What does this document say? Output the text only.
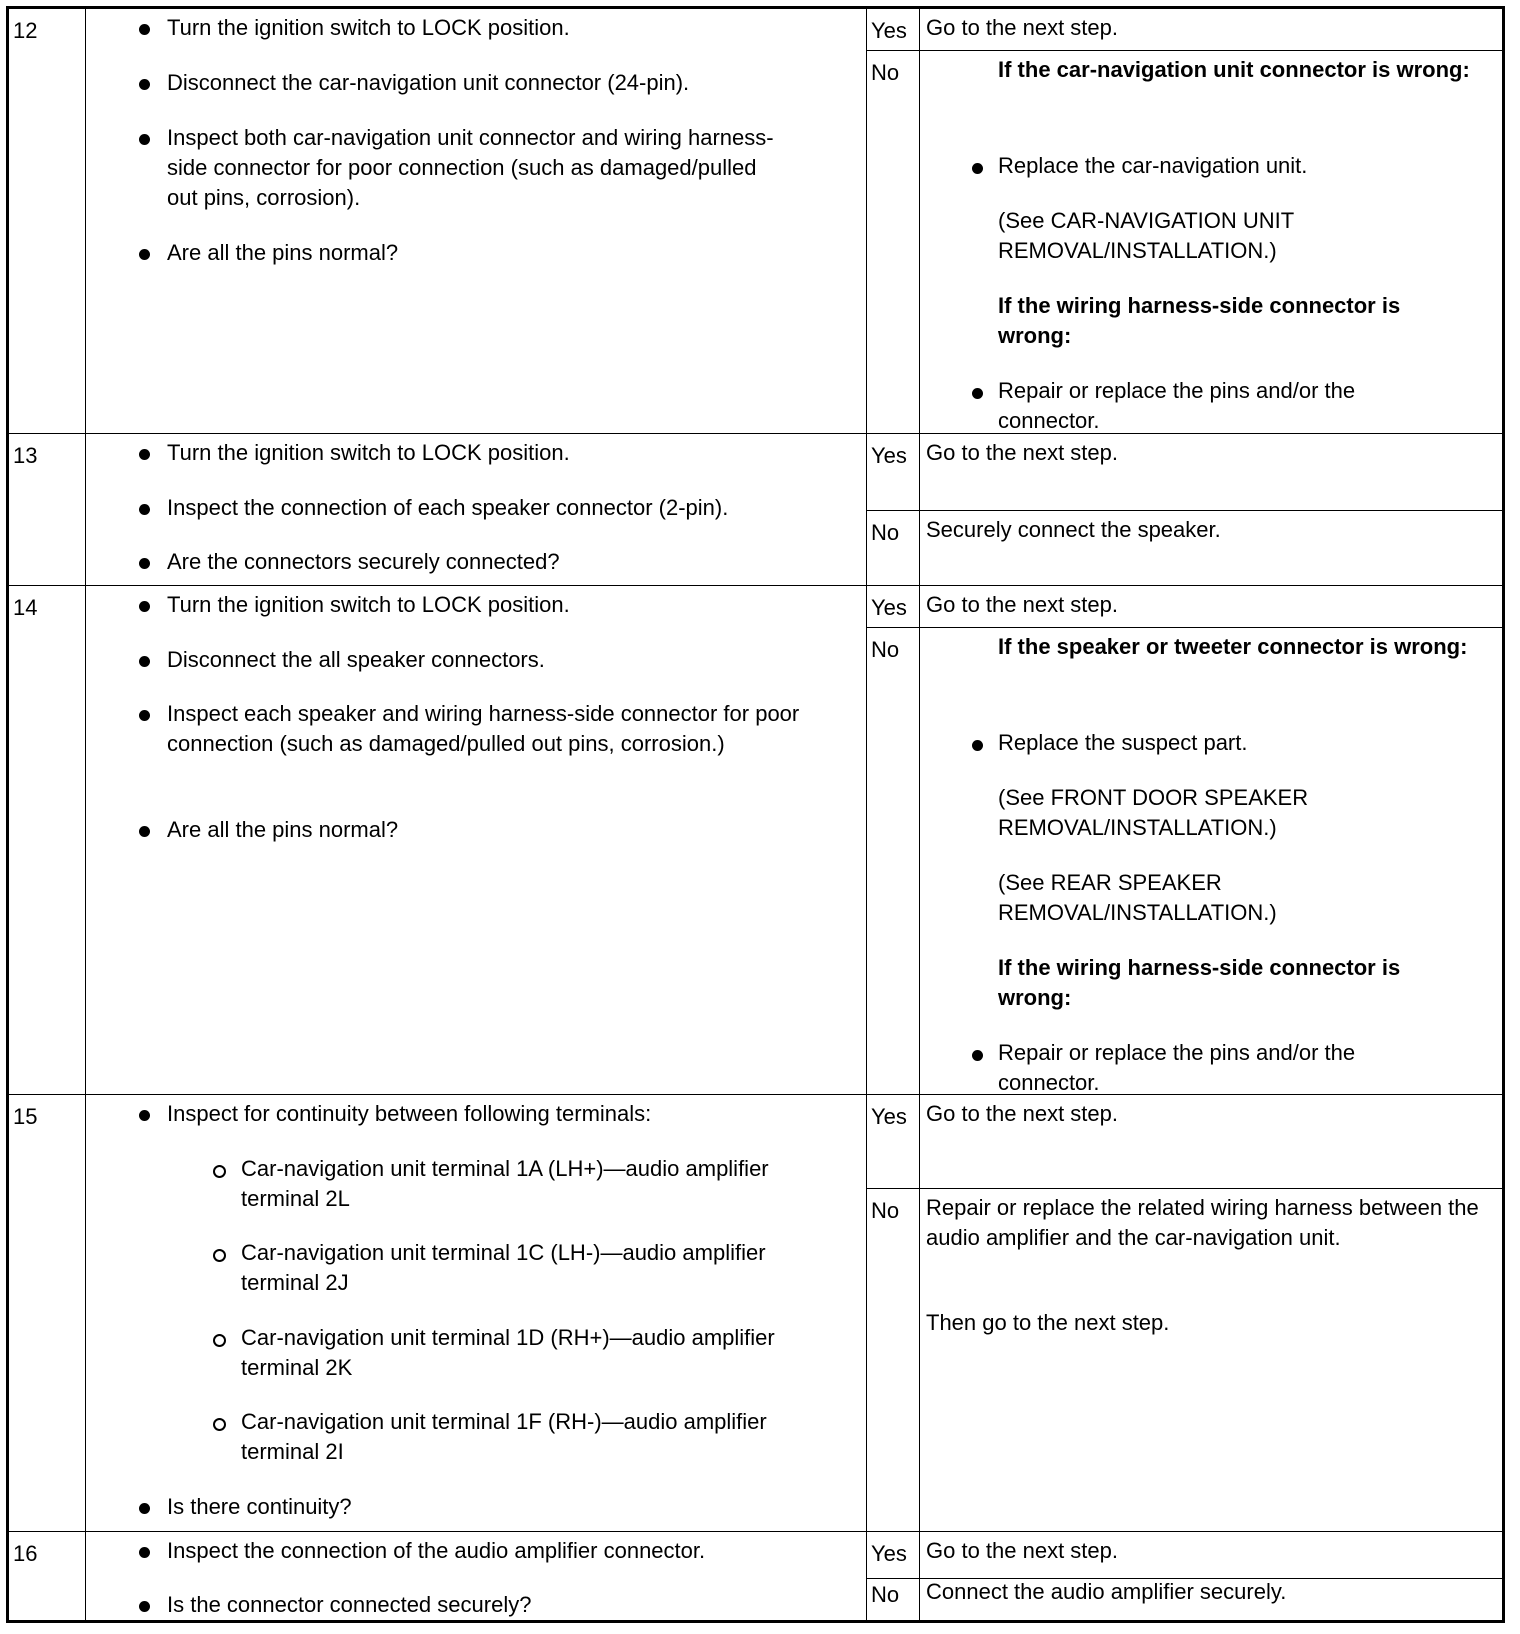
12	Turn the ignition switch to LOCK position.

Disconnect the car-navigation unit connector (24-pin).

Inspect both car-navigation unit connector and wiring harness-side connector for poor connection (such as damaged/pulled out pins, corrosion).

Are all the pins normal?

Yes Go to the next step.

No	If the car-navigation unit connector is wrong:

Replace the car-navigation unit.

(See CAR-NAVIGATION UNIT REMOVAL/INSTALLATION.)

If the wiring harness-side connector is wrong:

Repair or replace the pins and/or the connector.

13	Turn the ignition switch to LOCK position.

Inspect the connection of each speaker connector (2-pin).

Are the connectors securely connected?

Yes Go to the next step.

No Securely connect the speaker.

14	Turn the ignition switch to LOCK position.

Disconnect the all speaker connectors.

Inspect each speaker and wiring harness-side connector for poor connection (such as damaged/pulled out pins, corrosion.)

Are all the pins normal?

Yes Go to the next step.

No	If the speaker or tweeter connector is wrong:

Replace the suspect part.

(See FRONT DOOR SPEAKER REMOVAL/INSTALLATION.)

(See REAR SPEAKER REMOVAL/INSTALLATION.)

If the wiring harness-side connector is wrong:

Repair or replace the pins and/or the connector.

15	Inspect for continuity between following terminals:

Car-navigation unit terminal 1A (LH+)—audio amplifier terminal 2L

Car-navigation unit terminal 1C (LH-)—audio amplifier terminal 2J

Car-navigation unit terminal 1D (RH+)—audio amplifier terminal 2K

Car-navigation unit terminal 1F (RH-)—audio amplifier terminal 2I

Is there continuity?

Yes Go to the next step.

No Repair or replace the related wiring harness between the audio amplifier and the car-navigation unit.

Then go to the next step.

16	Inspect the connection of the audio amplifier connector.

Is the connector connected securely?

Yes Go to the next step.

No Connect the audio amplifier securely.
